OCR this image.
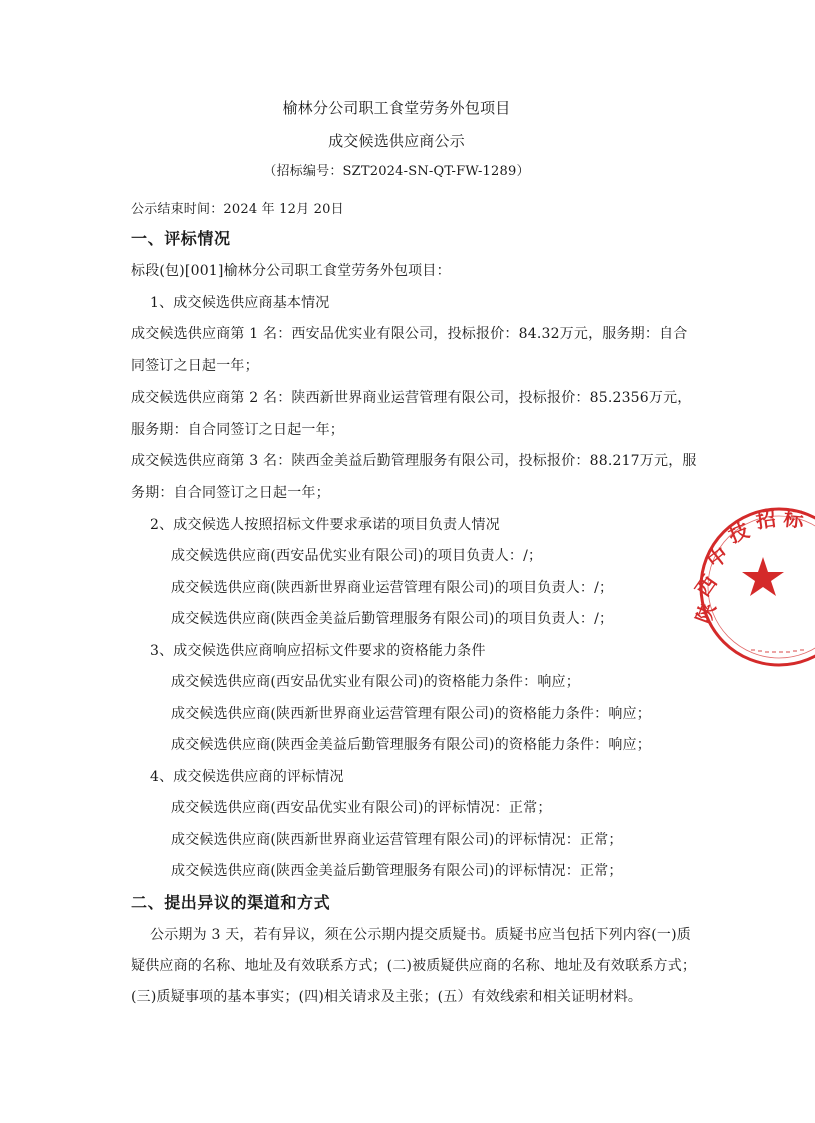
榆林分公司职工食堂劳务外包项目
成交候选供应商公示
（招标编号：SZT2024-SN-QT-FW-1289）
公示结束时间：2024 年 12月 20日
一、评标情况
标段(包)[001]榆林分公司职工食堂劳务外包项目：
1、成交候选供应商基本情况
成交候选供应商第 1 名：西安品优实业有限公司，投标报价：84.32万元，服务期：自合
同签订之日起一年；
成交候选供应商第 2 名：陕西新世界商业运营管理有限公司，投标报价：85.2356万元，
服务期：自合同签订之日起一年；
成交候选供应商第 3 名：陕西金美益后勤管理服务有限公司，投标报价：88.217万元，服
务期：自合同签订之日起一年；
2、成交候选人按照招标文件要求承诺的项目负责人情况
成交候选供应商(西安品优实业有限公司)的项目负责人：/；
成交候选供应商(陕西新世界商业运营管理有限公司)的项目负责人：/；
成交候选供应商(陕西金美益后勤管理服务有限公司)的项目负责人：/；
3、成交候选供应商响应招标文件要求的资格能力条件
成交候选供应商(西安品优实业有限公司)的资格能力条件：响应；
成交候选供应商(陕西新世界商业运营管理有限公司)的资格能力条件：响应；
成交候选供应商(陕西金美益后勤管理服务有限公司)的资格能力条件：响应；
4、成交候选供应商的评标情况
成交候选供应商(西安品优实业有限公司)的评标情况：正常；
成交候选供应商(陕西新世界商业运营管理有限公司)的评标情况：正常；
成交候选供应商(陕西金美益后勤管理服务有限公司)的评标情况：正常；
二、提出异议的渠道和方式
公示期为 3 天，若有异议，须在公示期内提交质疑书。质疑书应当包括下列内容(一)质
疑供应商的名称、地址及有效联系方式；(二)被质疑供应商的名称、地址及有效联系方式；
(三)质疑事项的基本事实；(四)相关请求及主张；(五）有效线索和相关证明材料。
陕
西
中
技 招 标
